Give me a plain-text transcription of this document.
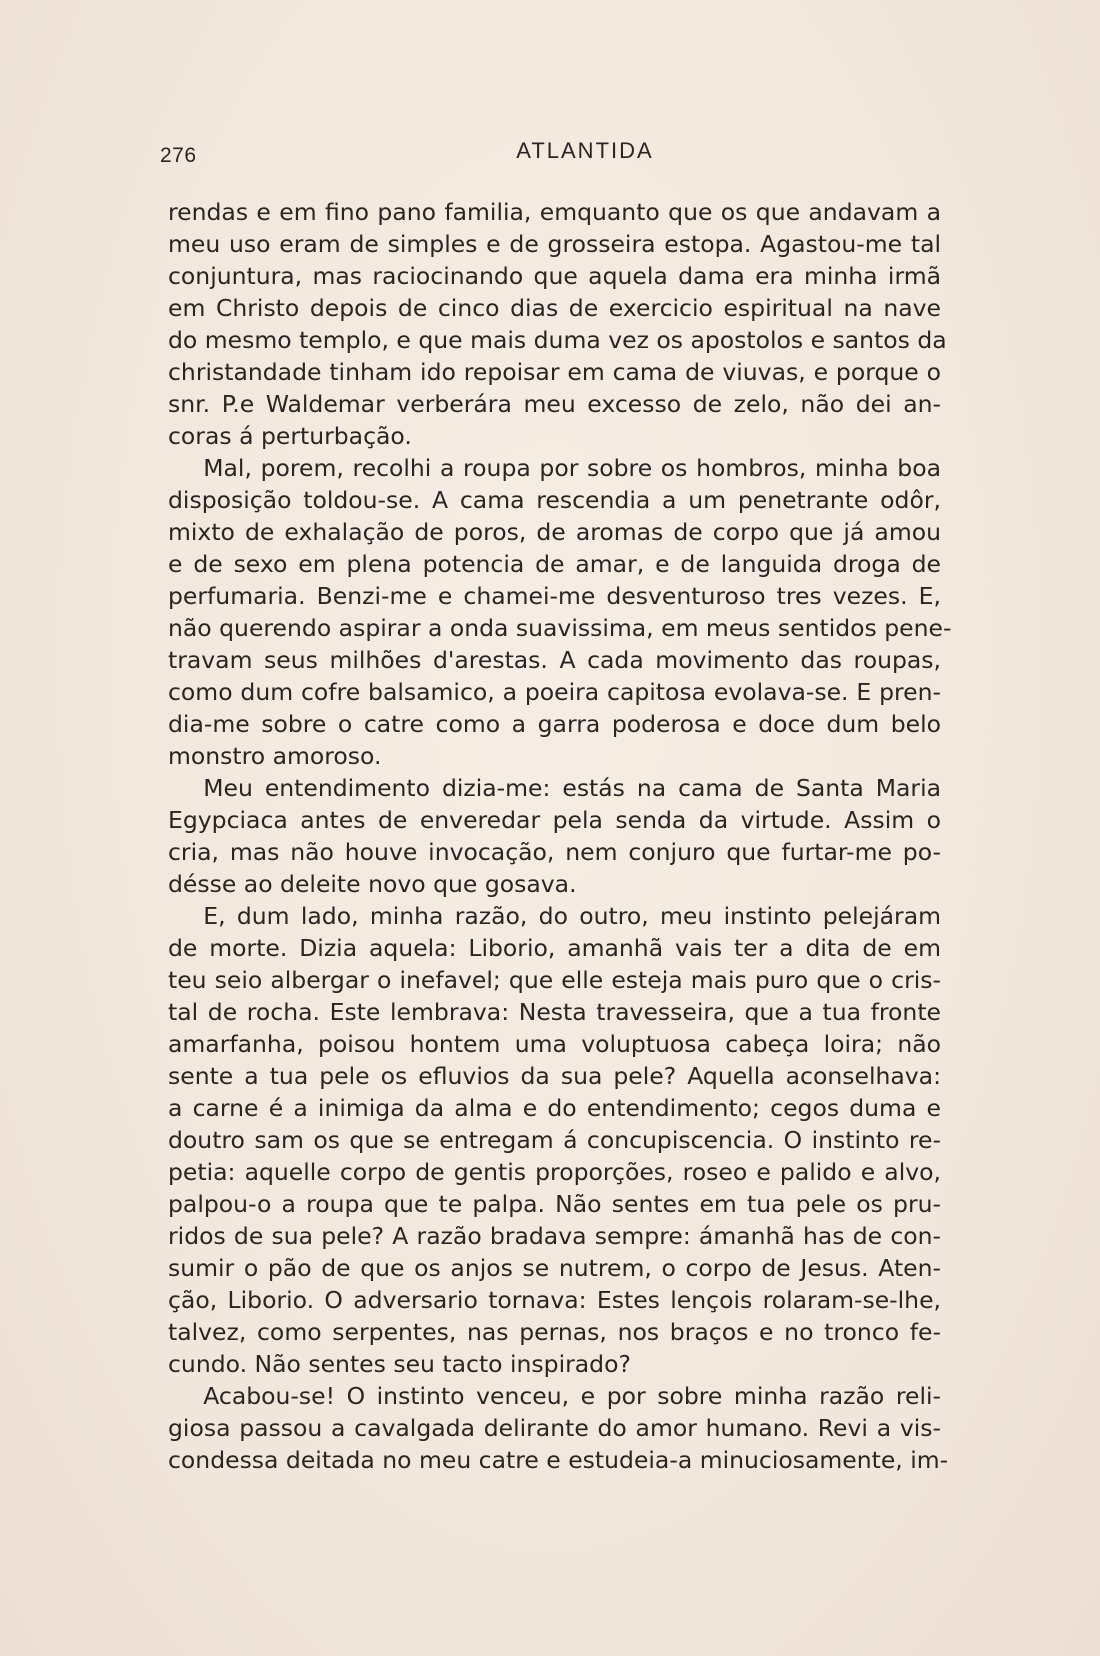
276	ATLANTIDA
rendas e em fino pano familia, emquanto que os que andavam a
meu uso eram de simples e de grosseira estopa. Agastou-me tal
conjuntura, mas raciocinando que aquela dama era minha irmã
em Christo depois de cinco dias de exercicio espiritual na nave
do mesmo templo, e que mais duma vez os apostolos e santos da
christandade tinham ido repoisar em cama de viuvas, e porque o
snr. P.e Waldemar verberára meu excesso de zelo, não dei an-
coras á perturbação.
  Mal, porem, recolhi a roupa por sobre os hombros, minha boa
disposição toldou-se. A cama rescendia a um penetrante odôr,
mixto de exhalação de poros, de aromas de corpo que já amou
e de sexo em plena potencia de amar, e de languida droga de
perfumaria. Benzi-me e chamei-me desventuroso tres vezes. E,
não querendo aspirar a onda suavissima, em meus sentidos pene-
travam seus milhões d'arestas. A cada movimento das roupas,
como dum cofre balsamico, a poeira capitosa evolava-se. E pren-
dia-me sobre o catre como a garra poderosa e doce dum belo
monstro amoroso.
  Meu entendimento dizia-me: estás na cama de Santa Maria
Egypciaca antes de enveredar pela senda da virtude. Assim o
cria, mas não houve invocação, nem conjuro que furtar-me po-
désse ao deleite novo que gosava.
  E, dum lado, minha razão, do outro, meu instinto pelejáram
de morte. Dizia aquela: Liborio, amanhã vais ter a dita de em
teu seio albergar o inefavel; que elle esteja mais puro que o cris-
tal de rocha. Este lembrava: Nesta travesseira, que a tua fronte
amarfanha, poisou hontem uma voluptuosa cabeça loira; não
sente a tua pele os efluvios da sua pele? Aquella aconselhava:
a carne é a inimiga da alma e do entendimento; cegos duma e
doutro sam os que se entregam á concupiscencia. O instinto re-
petia: aquelle corpo de gentis proporções, roseo e palido e alvo,
palpou-o a roupa que te palpa. Não sentes em tua pele os pru-
ridos de sua pele? A razão bradava sempre: ámanhã has de con-
sumir o pão de que os anjos se nutrem, o corpo de Jesus. Aten-
ção, Liborio. O adversario tornava: Estes lençois rolaram-se-lhe,
talvez, como serpentes, nas pernas, nos braços e no tronco fe-
cundo. Não sentes seu tacto inspirado?
  Acabou-se! O instinto venceu, e por sobre minha razão reli-
giosa passou a cavalgada delirante do amor humano. Revi a vis-
condessa deitada no meu catre e estudeia-a minuciosamente, im-
